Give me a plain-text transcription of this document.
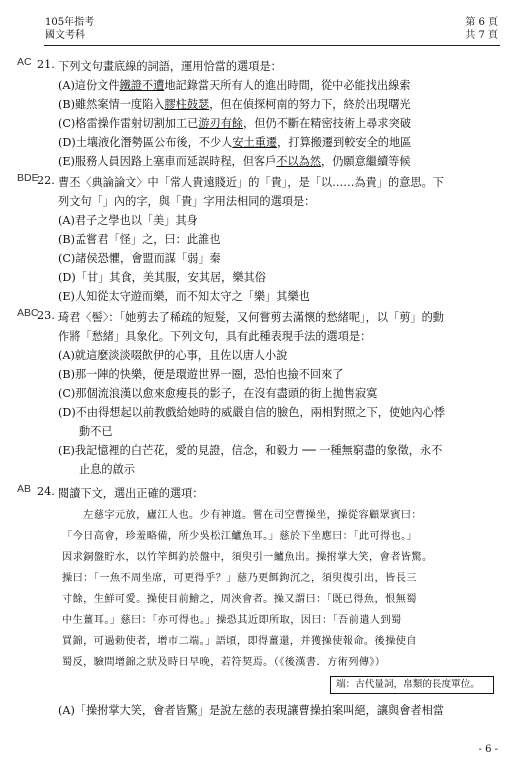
105年指考
國文考科
第 6 頁
共 7 頁
AC 21. 下列文句畫底線的詞語，運用恰當的選項是：
(A)這份文件鐵證不遭地記錄當天所有人的進出時間，從中必能找出線索
(B)雖然案情一度陷入膠柱鼓瑟，但在偵探柯南的努力下，終於出現曙光
(C)格雷操作雷射切割加工已游刃有餘，但仍不斷在精密技術上尋求突破
(D)土壤液化潛勢區公布後，不少人安土重遷，打算搬遷到較安全的地區
(E)服務人員因路上塞車而延誤時程，但客戶不以為然，仍願意繼續等候
BDE
22. 曹丕〈典論論文〉中「常人貴遠賤近」的「貴」，是「以……為貴」的意思。下
列文句「」內的字，與「貴」字用法相同的選項是：
(A)君子之學也以「美」其身
(B)孟嘗君「怪」之，曰：此誰也
(C)諸侯恐懼，會盟而謀「弱」秦
(D)「甘」其食，美其服，安其居，樂其俗
(E)人知從太守遊而樂，而不知太守之「樂」其樂也
ABC
23. 琦君〈髻〉：「她剪去了稀疏的短髮，又何嘗剪去滿懷的愁緒呢」，以「剪」的動
作將「愁緒」具象化。下列文句，具有此種表現手法的選項是：
(A)就這麼淡淡啜飲伊的心事，且佐以唐人小說
(B)那一陣的快樂，便是環遊世界一圈，恐怕也撿不回來了
(C)那個流浪漢以愈來愈瘦長的影子，在沒有盡頭的街上拋售寂寞
(D)不由得想起以前教戲給她時的威嚴自信的臉色，兩相對照之下，使她內心悸
動不已
(E)我記憶裡的白芒花，愛的見證，信念，和毅力 ── 一種無窮盡的象徵，永不
止息的啟示
AB 24. 閱讀下文，選出正確的選項：
　　左慈字元放，廬江人也。少有神道。嘗在司空曹操坐，操從容顧眾賓曰：
「今日高會，珍羞略備，所少吳松江鱸魚耳。」慈於下坐應曰：「此可得也。」
因求銅盤貯水，以竹竿餌釣於盤中，須臾引一鱸魚出。操拊掌大笑，會者皆驚。
操曰：「一魚不周坐席，可更得乎？」慈乃更餌鉤沉之，須臾復引出，皆長三
寸餘，生鮮可愛。操使目前鱠之，周浹會者。操又謂曰：「既已得魚，恨無蜀
中生薑耳。」慈曰：「亦可得也。」操恐其近即所取，因曰：「吾前遣人到蜀
買錦，可過勅使者，增市二端。」語頃，即得薑還，并獲操使報命。後操使自
蜀反，驗問增錦之狀及時日早晚，若符契焉。（《後漢書．方術列傳》）
端：古代量詞，帛類的長度單位。
(A)「操拊掌大笑，會者皆驚」是說左慈的表現讓曹操拍案叫絕，讓與會者相當
- 6 -
